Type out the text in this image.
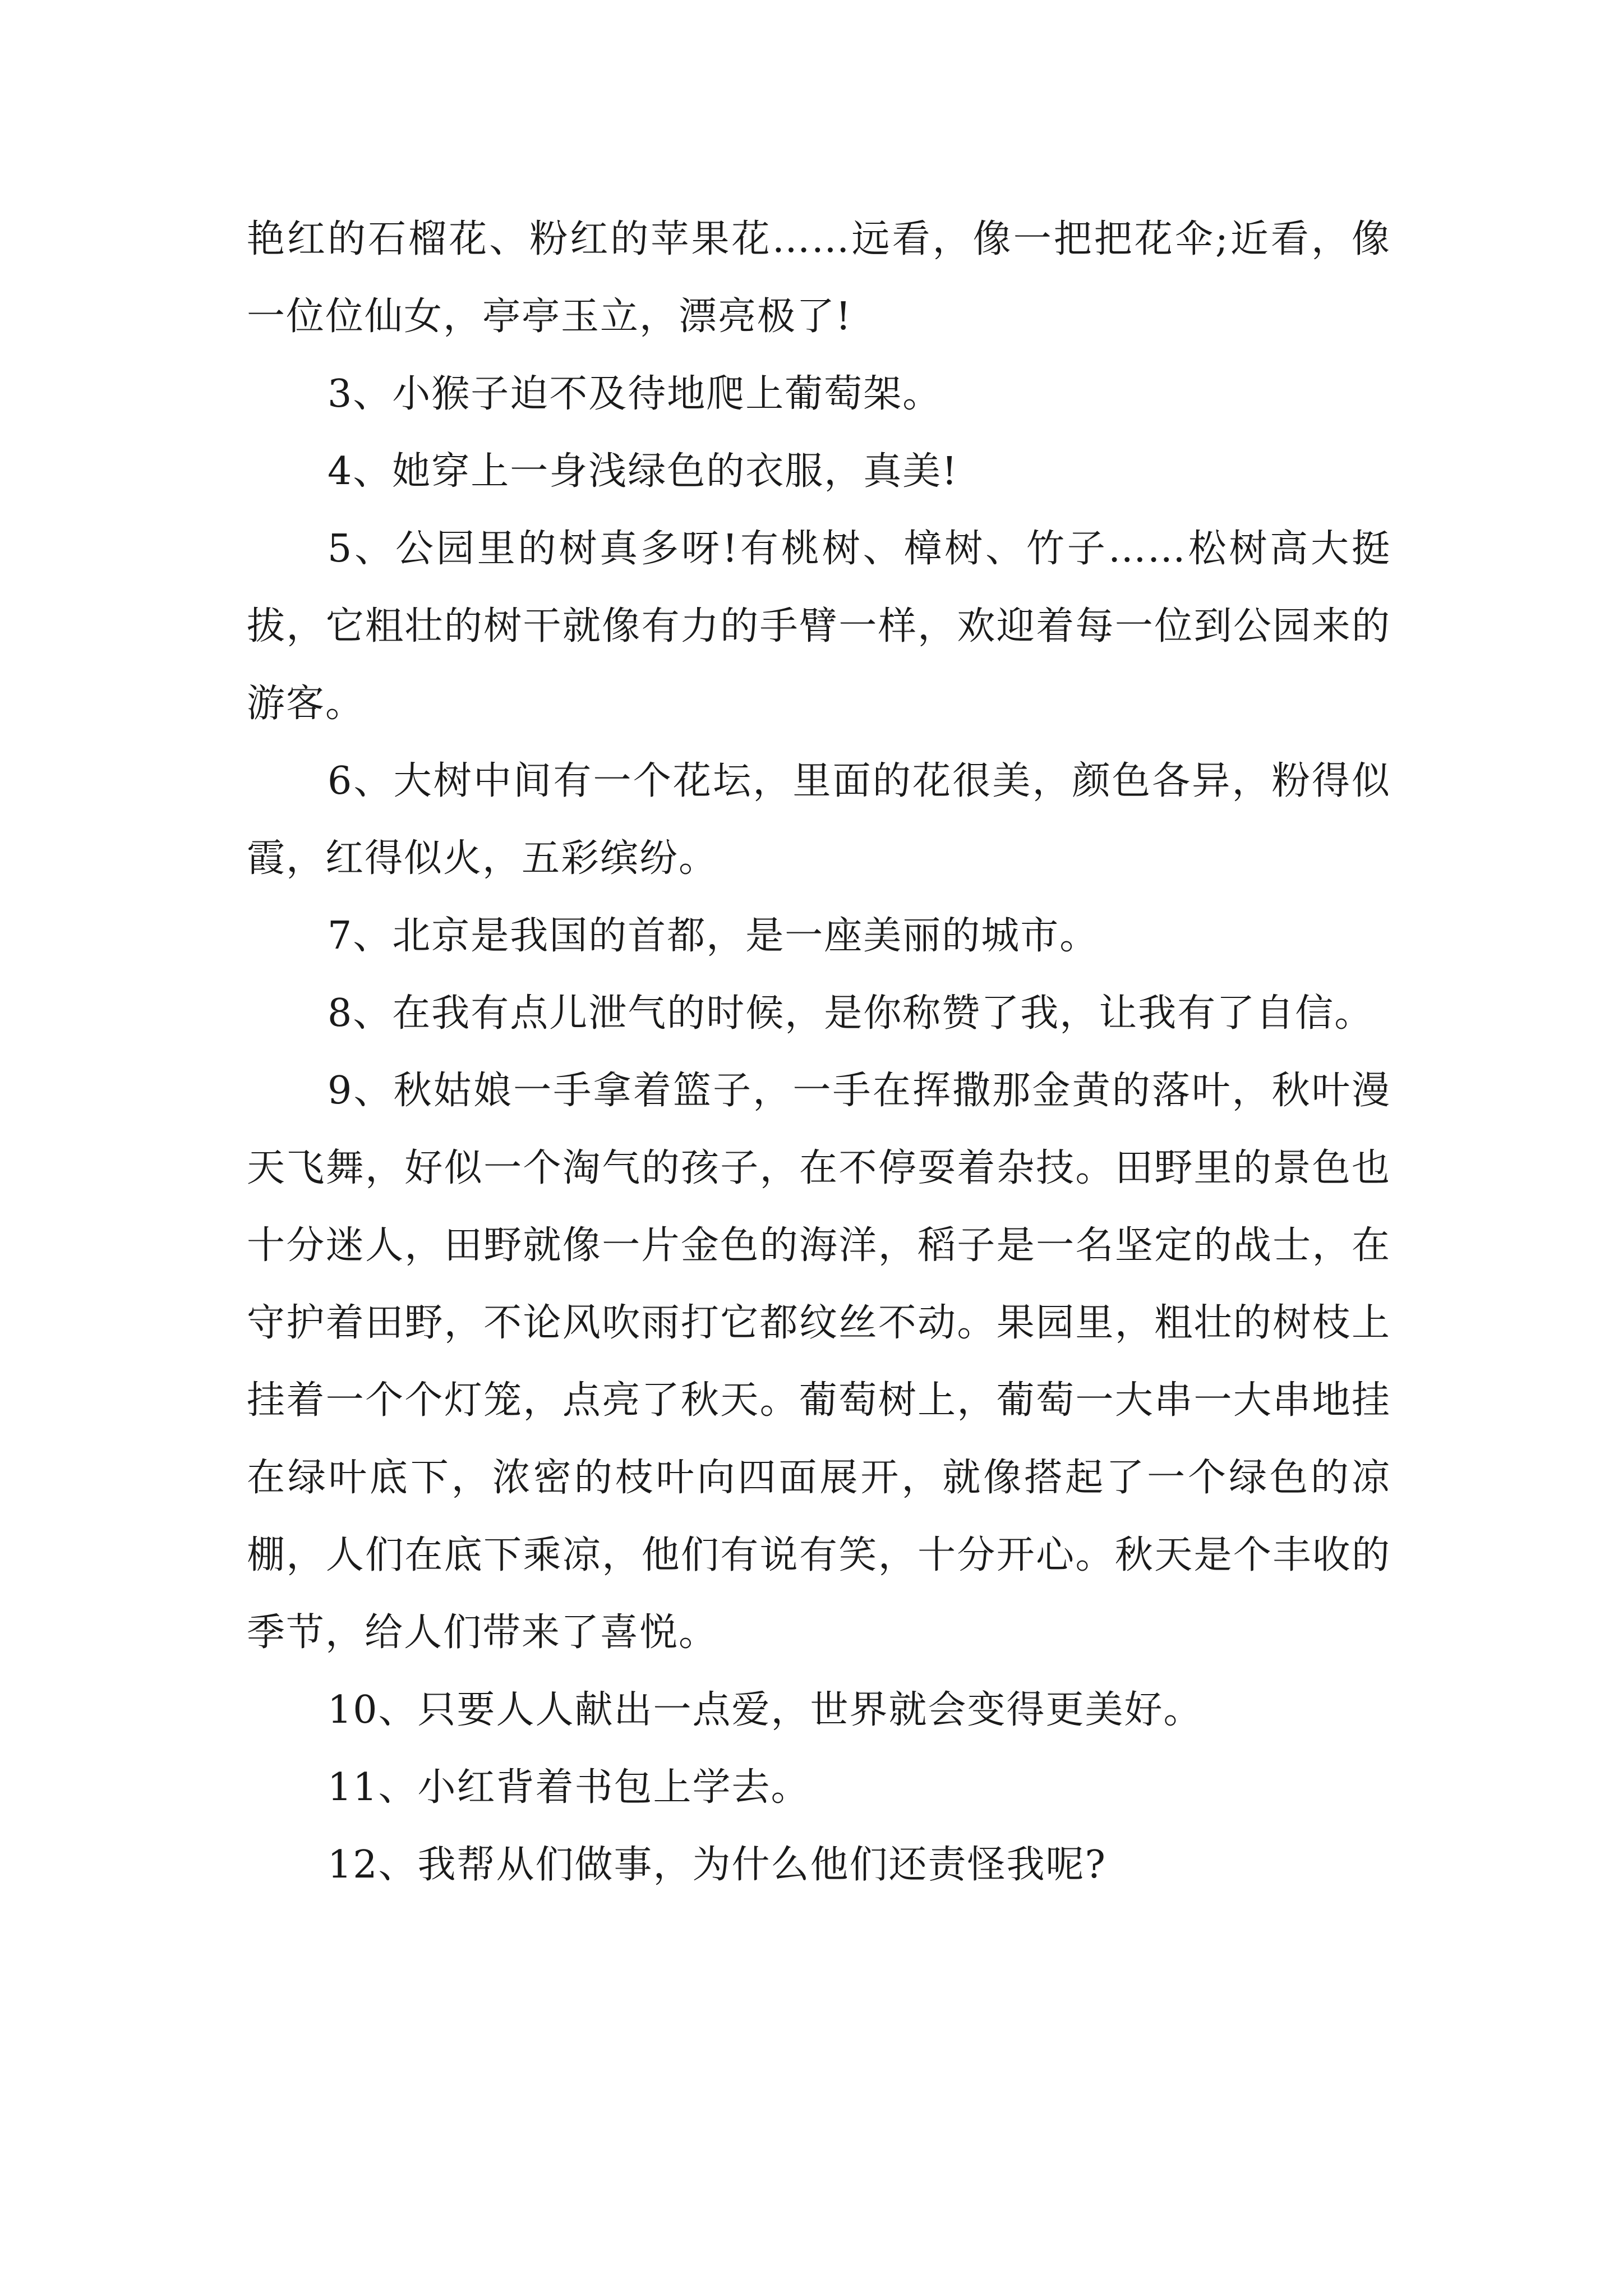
艳红的石榴花、粉红的苹果花……远看，像一把把花伞;近看，像一位位仙女，亭亭玉立，漂亮极了!

3、小猴子迫不及待地爬上葡萄架。

4、她穿上一身浅绿色的衣服，真美!

5、公园里的树真多呀!有桃树、樟树、竹子……松树高大挺拔，它粗壮的树干就像有力的手臂一样，欢迎着每一位到公园来的游客。

6、大树中间有一个花坛，里面的花很美，颜色各异，粉得似霞，红得似火，五彩缤纷。

7、北京是我国的首都，是一座美丽的城市。

8、在我有点儿泄气的时候，是你称赞了我，让我有了自信。

9、秋姑娘一手拿着篮子，一手在挥撒那金黄的落叶，秋叶漫天飞舞，好似一个淘气的孩子，在不停耍着杂技。田野里的景色也十分迷人，田野就像一片金色的海洋，稻子是一名坚定的战士，在守护着田野，不论风吹雨打它都纹丝不动。果园里，粗壮的树枝上挂着一个个灯笼，点亮了秋天。葡萄树上，葡萄一大串一大串地挂在绿叶底下，浓密的枝叶向四面展开，就像搭起了一个绿色的凉棚，人们在底下乘凉，他们有说有笑，十分开心。秋天是个丰收的季节，给人们带来了喜悦。

10、只要人人献出一点爱，世界就会变得更美好。

11、小红背着书包上学去。

12、我帮从们做事，为什么他们还责怪我呢?
